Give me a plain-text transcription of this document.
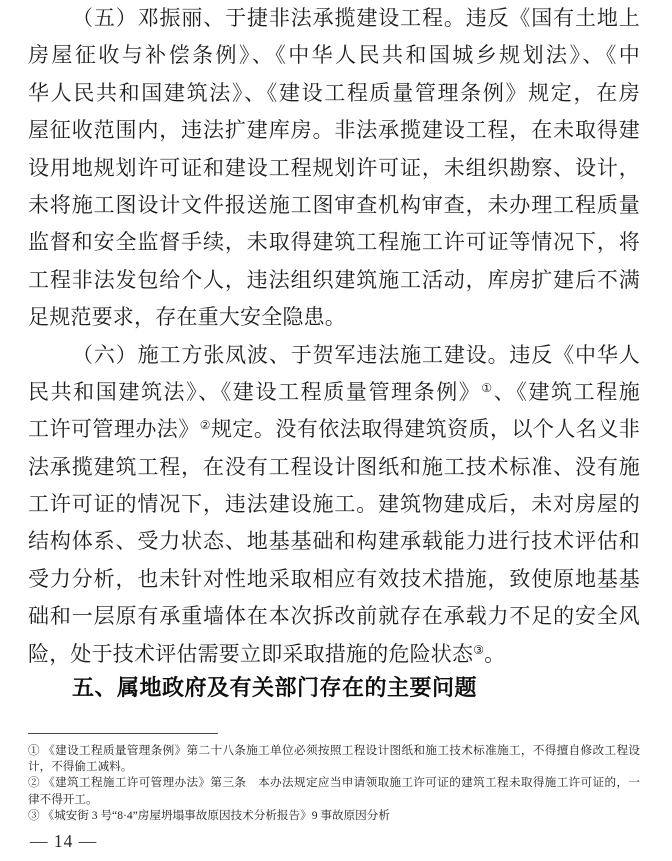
（五）邓振丽、于捷非法承揽建设工程。违反《国有土地上
房屋征收与补偿条例》、《中华人民共和国城乡规划法》、《中
华人民共和国建筑法》、《建设工程质量管理条例》规定，在房
屋征收范围内，违法扩建库房。非法承揽建设工程，在未取得建
设用地规划许可证和建设工程规划许可证，未组织勘察、设计，
未将施工图设计文件报送施工图审查机构审查，未办理工程质量
监督和安全监督手续，未取得建筑工程施工许可证等情况下，将
工程非法发包给个人，违法组织建筑施工活动，库房扩建后不满
足规范要求，存在重大安全隐患。
（六）施工方张凤波、于贺军违法施工建设。违反《中华人
民共和国建筑法》、《建设工程质量管理条例》①、《建筑工程施
工许可管理办法》②规定。没有依法取得建筑资质，以个人名义非
法承揽建筑工程，在没有工程设计图纸和施工技术标准、没有施
工许可证的情况下，违法建设施工。建筑物建成后，未对房屋的
结构体系、受力状态、地基基础和构建承载能力进行技术评估和
受力分析，也未针对性地采取相应有效技术措施，致使原地基基
础和一层原有承重墙体在本次拆改前就存在承载力不足的安全风
险，处于技术评估需要立即采取措施的危险状态③。
五、属地政府及有关部门存在的主要问题
① 《建设工程质量管理条例》第二十八条施工单位必须按照工程设计图纸和施工技术标准施工，不得擅自修改工程设
计，不得偷工减料。
② 《建筑工程施工许可管理办法》第三条　本办法规定应当申请领取施工许可证的建筑工程未取得施工许可证的，一
律不得开工。
③ 《城安街 3 号“8·4”房屋坍塌事故原因技术分析报告》9 事故原因分析
— 14 —
